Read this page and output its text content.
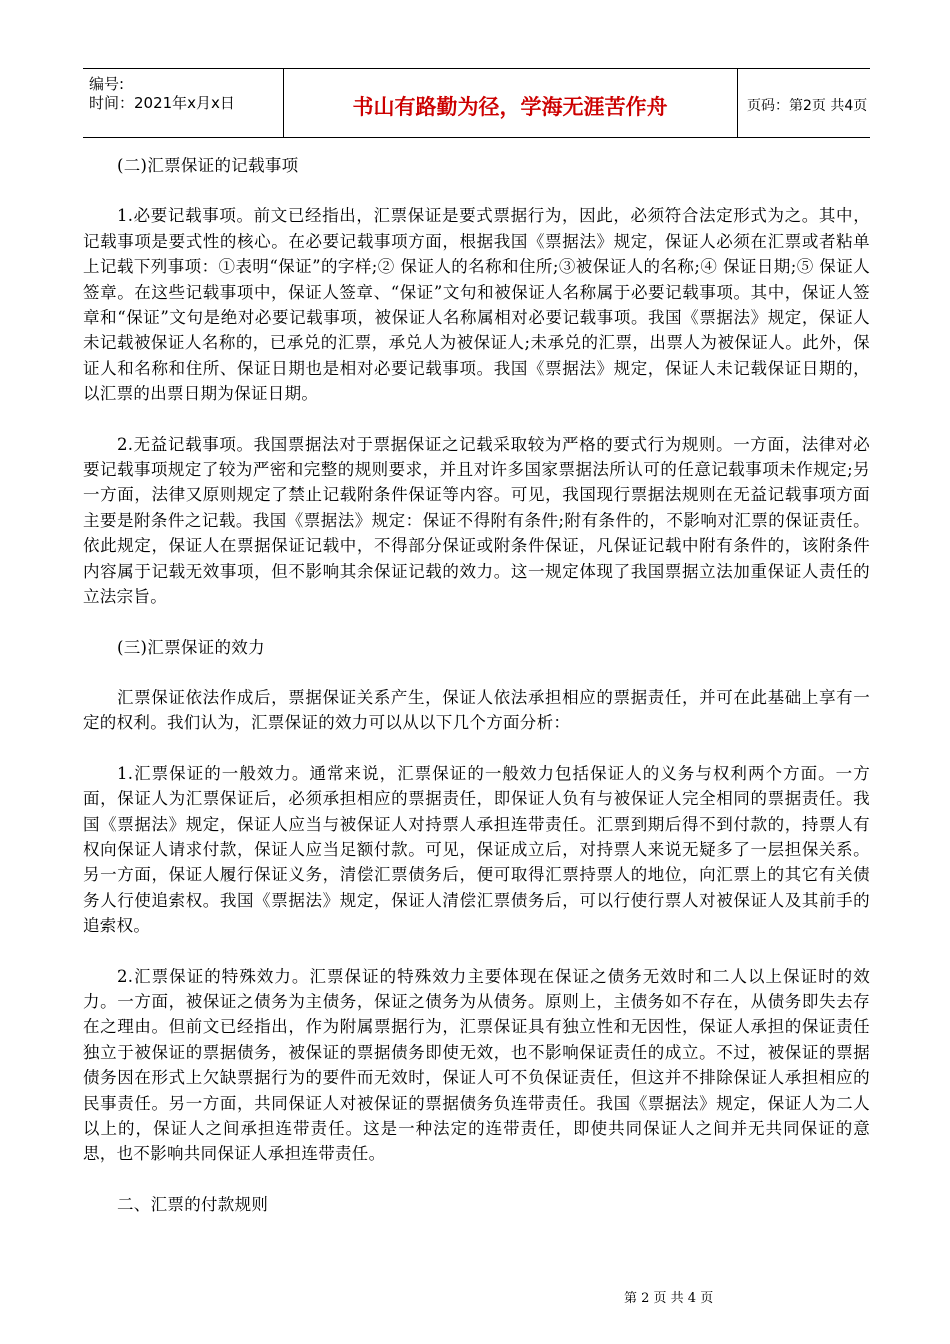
编号:
时间：2021年x月x日	书山有路勤为径，学海无涯苦作舟	页码：第2页 共4页

(二)汇票保证的记载事项

1.必要记载事项。前文已经指出，汇票保证是要式票据行为，因此，必须符合法定形式为之。其中，记载事项是要式性的核心。在必要记载事项方面，根据我国《票据法》规定，保证人必须在汇票或者粘单上记载下列事项：①表明“保证”的字样;② 保证人的名称和住所;③被保证人的名称;④ 保证日期;⑤ 保证人签章。在这些记载事项中，保证人签章、“保证”文句和被保证人名称属于必要记载事项。其中，保证人签章和“保证”文句是绝对必要记载事项，被保证人名称属相对必要记载事项。我国《票据法》规定，保证人未记载被保证人名称的，已承兑的汇票，承兑人为被保证人;未承兑的汇票，出票人为被保证人。此外，保证人和名称和住所、保证日期也是相对必要记载事项。我国《票据法》规定，保证人未记载保证日期的，以汇票的出票日期为保证日期。

2.无益记载事项。我国票据法对于票据保证之记载采取较为严格的要式行为规则。一方面，法律对必要记载事项规定了较为严密和完整的规则要求，并且对许多国家票据法所认可的任意记载事项未作规定;另一方面，法律又原则规定了禁止记载附条件保证等内容。可见，我国现行票据法规则在无益记载事项方面主要是附条件之记载。我国《票据法》规定：保证不得附有条件;附有条件的，不影响对汇票的保证责任。依此规定，保证人在票据保证记载中，不得部分保证或附条件保证，凡保证记载中附有条件的，该附条件内容属于记载无效事项，但不影响其余保证记载的效力。这一规定体现了我国票据立法加重保证人责任的立法宗旨。

(三)汇票保证的效力

汇票保证依法作成后，票据保证关系产生，保证人依法承担相应的票据责任，并可在此基础上享有一定的权利。我们认为，汇票保证的效力可以从以下几个方面分析：

1.汇票保证的一般效力。通常来说，汇票保证的一般效力包括保证人的义务与权利两个方面。一方面，保证人为汇票保证后，必须承担相应的票据责任，即保证人负有与被保证人完全相同的票据责任。我国《票据法》规定，保证人应当与被保证人对持票人承担连带责任。汇票到期后得不到付款的，持票人有权向保证人请求付款，保证人应当足额付款。可见，保证成立后，对持票人来说无疑多了一层担保关系。另一方面，保证人履行保证义务，清偿汇票债务后，便可取得汇票持票人的地位，向汇票上的其它有关债务人行使追索权。我国《票据法》规定，保证人清偿汇票债务后，可以行使行票人对被保证人及其前手的追索权。

2.汇票保证的特殊效力。汇票保证的特殊效力主要体现在保证之债务无效时和二人以上保证时的效力。一方面，被保证之债务为主债务，保证之债务为从债务。原则上，主债务如不存在，从债务即失去存在之理由。但前文已经指出，作为附属票据行为，汇票保证具有独立性和无因性，保证人承担的保证责任独立于被保证的票据债务，被保证的票据债务即使无效，也不影响保证责任的成立。不过，被保证的票据债务因在形式上欠缺票据行为的要件而无效时，保证人可不负保证责任，但这并不排除保证人承担相应的民事责任。另一方面，共同保证人对被保证的票据债务负连带责任。我国《票据法》规定，保证人为二人以上的，保证人之间承担连带责任。这是一种法定的连带责任，即使共同保证人之间并无共同保证的意思，也不影响共同保证人承担连带责任。

二、汇票的付款规则

第 2 页 共 4 页
